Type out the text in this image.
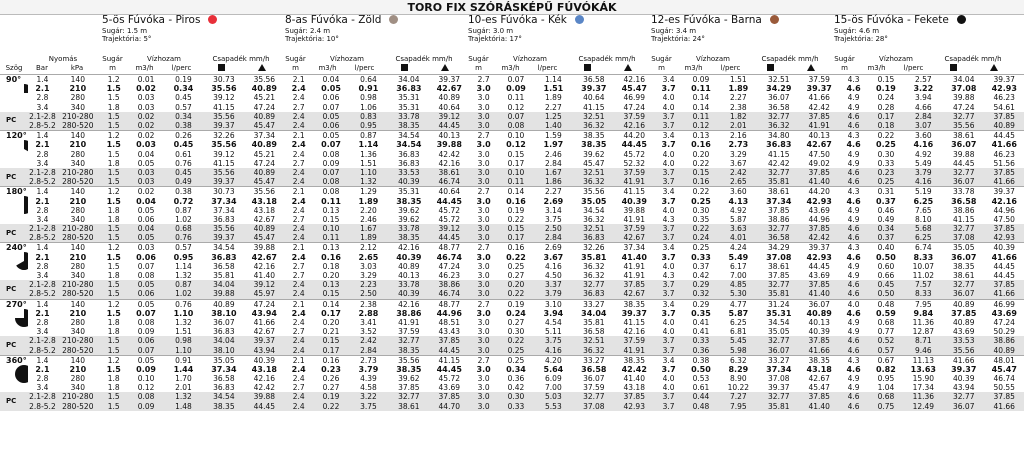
TORO FIX SZÓRÁSKÉPŰ FÚVÓKÁK
5-ös Fúvóka - Piros
Sugár: 1.5 m
Trajektória: 5°
8-as Fúvóka - Zöld
Sugár: 2.4 m
Trajektória: 10°
10-es Fúvóka - Kék
Sugár: 3.0 m
Trajektória: 17°
12-es Fúvóka - Barna
Sugár: 3.4 m
Trajektória: 24°
15-ös Fúvóka - Fekete
Sugár: 4.6 m
Trajektória: 28°
Nyomás
Szög	Bar	kPa
Sugár
m
Vízhozam
m3/h	l/perc
Csapadék mm/h	Sugár
m
Vízhozam
m3/h	l/perc
Csapadék mm/h	Sugár
m
Vízhozam
m3/h	l/perc
Csapadék mm/h	Sugár
m
Vízhozam
m3/h	l/perc
Csapadék mm/h	Sugár
m
Vízhozam
m3/h	l/perc
Csapadék mm/h
90°	1.4	140	1.2	0.01	0.19	30.73	35.56	2.1	0.04	0.64	34.04	39.37	2.7	0.07	1.14	36.58	42.16	3.4	0.09	1.51	32.51	37.59	4.3	0.15	2.57	34.04	39.37
	2.1	210	1.5	0.02	0.34	35.56	40.89	2.4	0.05	0.91	36.83	42.67	3.0	0.09	1.51	39.37	45.47	3.7	0.11	1.89	34.29	39.37	4.6	0.19	3.22	37.08	42.93
	2.8	280	1.5	0.03	0.45	39.12	45.21	2.4	0.06	0.98	35.31	40.89	3.0	0.11	1.89	40.64	46.99	4.0	0.14	2.27	36.07	41.66	4.9	0.24	3.94	39.88	46.23
	3.4	340	1.8	0.03	0.57	41.15	47.24	2.7	0.07	1.06	35.31	40.64	3.0	0.12	2.27	41.15	47.24	4.0	0.14	2.38	36.58	42.42	4.9	0.28	4.66	47.24	54.61
PC	2.1-2.8	210-280	1.5	0.02	0.34	35.56	40.89	2.4	0.05	0.83	33.78	39.12	3.0	0.07	1.25	32.51	37.59	3.7	0.11	1.82	32.77	37.85	4.6	0.17	2.84	32.77	37.85
	2.8-5.2	280-520	1.5	0.02	0.38	39.37	45.47	2.4	0.06	0.95	38.35	44.45	3.0	0.08	1.40	36.32	42.16	3.7	0.12	2.01	36.32	41.91	4.6	0.18	3.07	35.56	40.89

120°	1.4	140	1.2	0.02	0.26	32.26	37.34	2.1	0.05	0.87	34.54	40.13	2.7	0.10	1.59	38.35	44.20	3.4	0.13	2.16	34.80	40.13	4.3	0.22	3.60	38.61	44.45
	2.1	210	1.5	0.03	0.45	35.56	40.89	2.4	0.07	1.14	34.54	39.88	3.0	0.12	1.97	38.35	44.45	3.7	0.16	2.73	36.83	42.67	4.6	0.25	4.16	36.07	41.66
	2.8	280	1.5	0.04	0.61	39.12	45.21	2.4	0.08	1.36	36.83	42.42	3.0	0.15	2.46	39.62	45.72	4.0	0.20	3.29	41.15	47.50	4.9	0.30	4.92	39.88	46.23
	3.4	340	1.8	0.05	0.76	41.15	47.24	2.7	0.09	1.51	36.83	42.16	3.0	0.17	2.84	45.47	52.32	4.0	0.22	3.67	42.42	49.02	4.9	0.33	5.49	44.45	51.56
PC	2.1-2.8	210-280	1.5	0.03	0.45	35.56	40.89	2.4	0.07	1.10	33.53	38.61	3.0	0.10	1.67	32.51	37.59	3.7	0.15	2.42	32.77	37.85	4.6	0.23	3.79	32.77	37.85
	2.8-5.2	280-520	1.5	0.03	0.49	39.37	45.47	2.4	0.08	1.32	40.39	46.74	3.0	0.11	1.86	36.32	41.91	3.7	0.16	2.65	35.81	41.40	4.6	0.25	4.16	36.07	41.66

180°	1.4	140	1.2	0.02	0.38	30.73	35.56	2.1	0.08	1.29	35.31	40.64	2.7	0.14	2.27	35.56	41.15	3.4	0.22	3.60	38.61	44.20	4.3	0.31	5.19	33.78	39.37
	2.1	210	1.5	0.04	0.72	37.34	43.18	2.4	0.11	1.89	38.35	44.45	3.0	0.16	2.69	35.05	40.39	3.7	0.25	4.13	37.34	42.93	4.6	0.37	6.25	36.58	42.16
	2.8	280	1.8	0.05	0.87	37.34	43.18	2.4	0.13	2.20	39.62	45.72	3.0	0.19	3.14	34.54	39.88	4.0	0.30	4.92	37.85	43.69	4.9	0.46	7.65	38.86	44.96
	3.4	340	1.8	0.06	1.02	36.83	42.67	2.7	0.15	2.46	39.62	45.72	3.0	0.22	3.75	36.32	41.91	4.3	0.35	5.87	38.86	44.96	4.9	0.49	8.10	41.15	47.50
PC	2.1-2.8	210-280	1.5	0.04	0.68	35.56	40.89	2.4	0.10	1.67	33.78	39.12	3.0	0.15	2.50	32.51	37.59	3.7	0.22	3.63	32.77	37.85	4.6	0.34	5.68	32.77	37.85
	2.8-5.2	280-520	1.5	0.05	0.76	39.37	45.47	2.4	0.11	1.89	38.35	44.45	3.0	0.17	2.84	36.83	42.67	3.7	0.24	4.01	36.58	42.42	4.6	0.37	6.25	37.08	42.93

240°	1.4	140	1.2	0.03	0.57	34.54	39.88	2.1	0.13	2.12	42.16	48.77	2.7	0.16	2.69	32.26	37.34	3.4	0.25	4.24	34.29	39.37	4.3	0.40	6.74	35.05	40.39
	2.1	210	1.5	0.06	0.95	36.83	42.67	2.4	0.16	2.65	40.39	46.74	3.0	0.22	3.67	35.81	41.40	3.7	0.33	5.49	37.08	42.93	4.6	0.50	8.33	36.07	41.66
	2.8	280	1.5	0.07	1.14	36.58	42.16	2.7	0.18	3.03	40.89	47.24	3.0	0.25	4.16	36.32	41.91	4.0	0.37	6.17	38.61	44.45	4.9	0.60	10.07	38.35	44.45
	3.4	340	1.8	0.08	1.32	35.81	41.40	2.7	0.20	3.29	40.13	46.23	3.0	0.27	4.50	36.32	41.91	4.3	0.42	7.00	37.85	43.69	4.9	0.66	11.02	38.61	44.45
PC	2.1-2.8	210-280	1.5	0.05	0.87	34.04	39.12	2.4	0.13	2.23	33.78	38.86	3.0	0.20	3.37	32.77	37.85	3.7	0.29	4.85	32.77	37.85	4.6	0.45	7.57	32.77	37.85
	2.8-5.2	280-520	1.5	0.06	1.02	39.88	45.97	2.4	0.15	2.50	40.39	46.74	3.0	0.22	3.79	36.83	42.67	3.7	0.32	5.30	35.81	41.40	4.6	0.50	8.33	36.07	41.66

270°	1.4	140	1.2	0.05	0.76	40.89	47.24	2.1	0.14	2.38	42.16	48.77	2.7	0.19	3.10	33.27	38.35	3.4	0.29	4.77	31.24	36.07	4.0	0.48	7.95	40.89	46.99
	2.1	210	1.5	0.07	1.10	38.10	43.94	2.4	0.17	2.88	38.86	44.96	3.0	0.24	3.94	34.04	39.37	3.7	0.35	5.87	35.31	40.89	4.6	0.59	9.84	37.85	43.69
	2.8	280	1.8	0.08	1.32	36.07	41.66	2.4	0.20	3.41	41.91	48.51	3.0	0.27	4.54	35.81	41.15	4.0	0.41	6.25	34.54	40.13	4.9	0.68	11.36	40.89	47.24
	3.4	340	1.8	0.09	1.51	36.83	42.67	2.7	0.21	3.52	37.59	43.43	3.0	0.30	5.11	36.58	42.16	4.0	0.41	6.81	35.05	40.39	4.9	0.77	12.87	43.69	50.29
PC	2.1-2.8	210-280	1.5	0.06	0.98	34.04	39.37	2.4	0.15	2.42	32.77	37.85	3.0	0.22	3.75	32.51	37.59	3.7	0.33	5.45	32.77	37.85	4.6	0.52	8.71	33.53	38.86
	2.8-5.2	280-520	1.5	0.07	1.10	38.10	43.94	2.4	0.17	2.84	38.35	44.45	3.0	0.25	4.16	36.32	41.91	3.7	0.36	5.98	36.07	41.66	4.6	0.57	9.46	35.56	40.89

360°	1.4	140	1.2	0.05	0.91	35.05	40.39	2.1	0.16	2.73	35.56	41.15	2.7	0.25	4.20	33.27	38.35	3.4	0.38	6.32	33.27	38.35	4.3	0.67	11.13	41.66	48.01
	2.1	210	1.5	0.09	1.44	37.34	43.18	2.4	0.23	3.79	38.35	44.45	3.0	0.34	5.64	36.58	42.42	3.7	0.50	8.29	37.34	43.18	4.6	0.82	13.63	39.37	45.47
	2.8	280	1.8	0.10	1.70	36.58	42.16	2.4	0.26	4.39	39.62	45.72	3.0	0.36	6.09	36.07	41.40	4.0	0.53	8.90	37.08	42.67	4.9	0.95	15.90	40.39	46.74
	3.4	340	1.8	0.12	2.01	36.83	42.42	2.7	0.27	4.58	37.85	43.69	3.0	0.42	7.00	37.59	43.18	4.0	0.61	10.22	39.37	45.47	4.9	1.04	17.34	43.94	50.55
PC	2.1-2.8	210-280	1.5	0.08	1.32	34.54	39.88	2.4	0.19	3.22	32.77	37.85	3.0	0.30	5.03	32.77	37.85	3.7	0.44	7.27	32.77	37.85	4.6	0.68	11.36	32.77	37.85
	2.8-5.2	280-520	1.5	0.09	1.48	38.35	44.45	2.4	0.22	3.75	38.61	44.70	3.0	0.33	5.53	37.08	42.93	3.7	0.48	7.95	35.81	41.40	4.6	0.75	12.49	36.07	41.66
